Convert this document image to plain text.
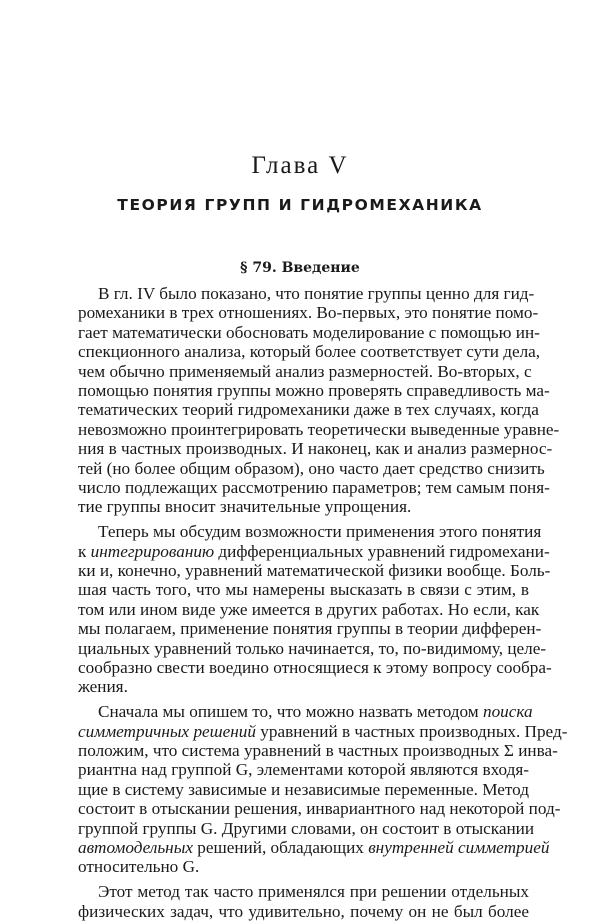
Глава V
ТЕОРИЯ ГРУПП И ГИДРОМЕХАНИКА
§ 79. Введение
В гл. IV было показано, что понятие группы ценно для гид-
ромеханики в трех отношениях. Во-первых, это понятие помо-
гает математически обосновать моделирование с помощью ин-
спекционного анализа, который более соответствует сути дела,
чем обычно применяемый анализ размерностей. Во-вторых, с
помощью понятия группы можно проверять справедливость ма-
тематических теорий гидромеханики даже в тех случаях, когда
невозможно проинтегрировать теоретически выведенные уравне-
ния в частных производных. И наконец, как и анализ размернос-
тей (но более общим образом), оно часто дает средство снизить
число подлежащих рассмотрению параметров; тем самым поня-
тие группы вносит значительные упрощения.
Теперь мы обсудим возможности применения этого понятия
к интегрированию дифференциальных уравнений гидромехани-
ки и, конечно, уравнений математической физики вообще. Боль-
шая часть того, что мы намерены высказать в связи с этим, в
том или ином виде уже имеется в других работах. Но если, как
мы полагаем, применение понятия группы в теории дифферен-
циальных уравнений только начинается, то, по-видимому, целе-
сообразно свести воедино относящиеся к этому вопросу сообра-
жения.
Сначала мы опишем то, что можно назвать методом поиска
симметричных решений уравнений в частных производных. Пред-
положим, что система уравнений в частных производных Σ инва-
риантна над группой G, элементами которой являются входя-
щие в систему зависимые и независимые переменные. Метод
состоит в отыскании решения, инвариантного над некоторой под-
группой группы G. Другими словами, он состоит в отыскании
автомодельных решений, обладающих внутренней симметрией
относительно G.
Этот метод так часто применялся при решении отдельных
физических задач, что удивительно, почему он не был более
